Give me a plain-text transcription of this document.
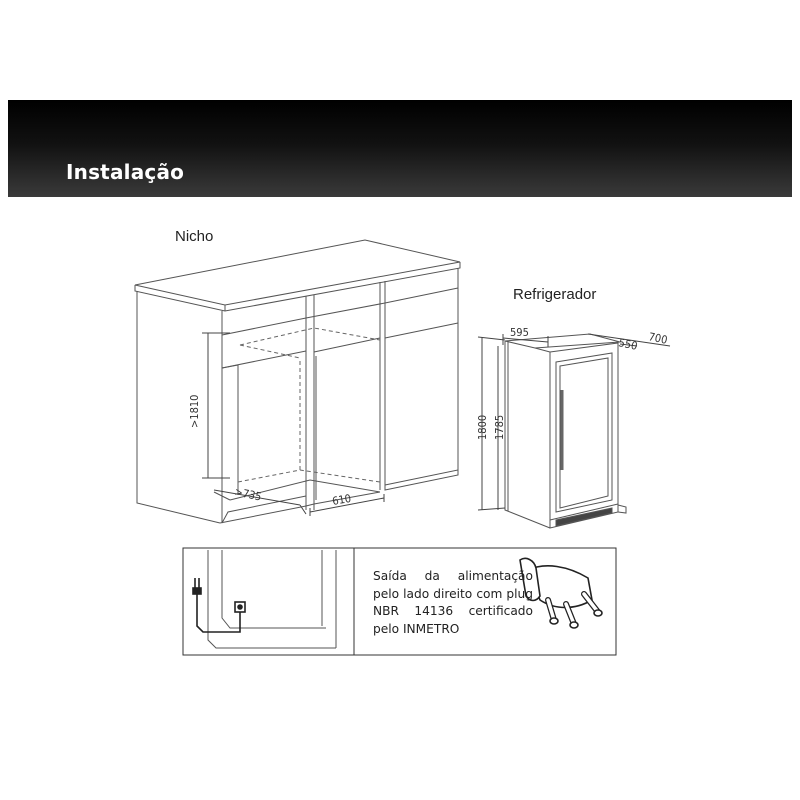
Instalação
Nicho
Refrigerador
>1810
>735	610
595
550 700
1800 1785
Saída da alimentação pelo lado direito com plug NBR 14136 certificado pelo INMETRO
